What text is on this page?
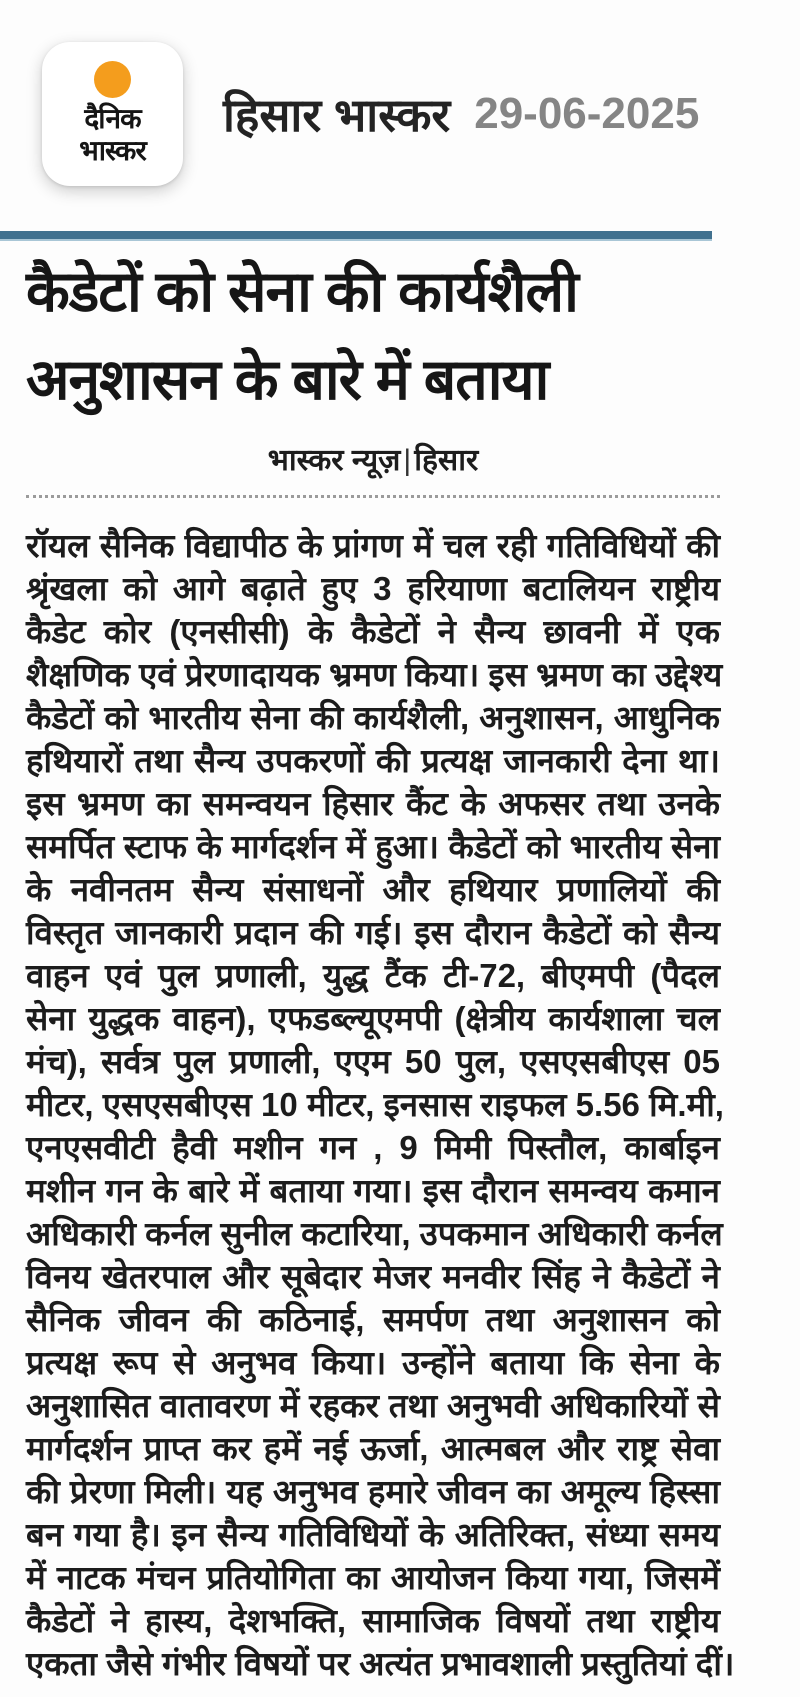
दैनिक
भास्कर
हिसार भास्कर 29-06-2025
कैडेटों को सेना की कार्यशैली
अनुशासन के बारे में बताया
भास्कर न्यूज़ | हिसार
रॉयल सैनिक विद्यापीठ के प्रांगण में चल रही गतिविधियों की
श्रृंखला को आगे बढ़ाते हुए 3 हरियाणा बटालियन राष्ट्रीय
कैडेट कोर (एनसीसी) के कैडेटों ने सैन्य छावनी में एक
शैक्षणिक एवं प्रेरणादायक भ्रमण किया। इस भ्रमण का उद्देश्य
कैडेटों को भारतीय सेना की कार्यशैली, अनुशासन, आधुनिक
हथियारों तथा सैन्य उपकरणों की प्रत्यक्ष जानकारी देना था।
इस भ्रमण का समन्वयन हिसार कैंट के अफसर तथा उनके
समर्पित स्टाफ के मार्गदर्शन में हुआ। कैडेटों को भारतीय सेना
के नवीनतम सैन्य संसाधनों और हथियार प्रणालियों की
विस्तृत जानकारी प्रदान की गई। इस दौरान कैडेटों को सैन्य
वाहन एवं पुल प्रणाली, युद्ध टैंक टी-72, बीएमपी (पैदल
सेना युद्धक वाहन), एफडब्ल्यूएमपी (क्षेत्रीय कार्यशाला चल
मंच), सर्वत्र पुल प्रणाली, एएम 50 पुल, एसएसबीएस 05
मीटर, एसएसबीएस 10 मीटर, इनसास राइफल 5.56 मि.मी,
एनएसवीटी हैवी मशीन गन , 9 मिमी पिस्तौल, कार्बाइन
मशीन गन के बारे में बताया गया। इस दौरान समन्वय कमान
अधिकारी कर्नल सुनील कटारिया, उपकमान अधिकारी कर्नल
विनय खेतरपाल और सूबेदार मेजर मनवीर सिंह ने कैडेटों ने
सैनिक जीवन की कठिनाई, समर्पण तथा अनुशासन को
प्रत्यक्ष रूप से अनुभव किया। उन्होंने बताया कि सेना के
अनुशासित वातावरण में रहकर तथा अनुभवी अधिकारियों से
मार्गदर्शन प्राप्त कर हमें नई ऊर्जा, आत्मबल और राष्ट्र सेवा
की प्रेरणा मिली। यह अनुभव हमारे जीवन का अमूल्य हिस्सा
बन गया है। इन सैन्य गतिविधियों के अतिरिक्त, संध्या समय
में नाटक मंचन प्रतियोगिता का आयोजन किया गया, जिसमें
कैडेटों ने हास्य, देशभक्ति, सामाजिक विषयों तथा राष्ट्रीय
एकता जैसे गंभीर विषयों पर अत्यंत प्रभावशाली प्रस्तुतियां दीं।
